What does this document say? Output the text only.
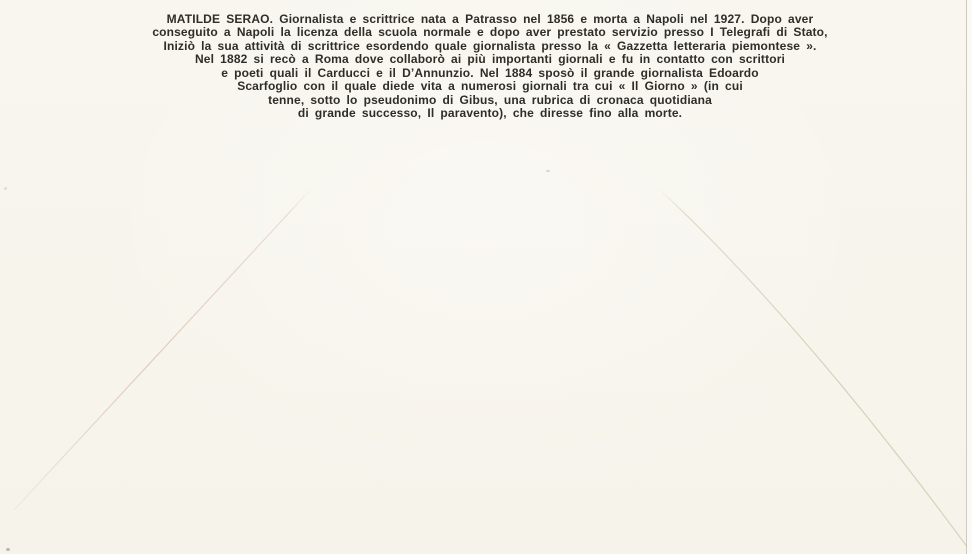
MATILDE SERAO. Giornalista e scrittrice nata a Patrasso nel 1856 e morta a Napoli nel 1927. Dopo aver
conseguito a Napoli la licenza della scuola normale e dopo aver prestato servizio presso I Telegrafi di Stato,
Iniziò la sua attività di scrittrice esordendo quale giornalista presso la « Gazzetta letteraria piemontese ».
Nel 1882 si recò a Roma dove collaborò ai più importanti giornali e fu in contatto con scrittori
e poeti quali il Carducci e il D’Annunzio. Nel 1884 sposò il grande giornalista Edoardo
Scarfoglio con il quale diede vita a numerosi giornali tra cui « Il Giorno » (in cui
tenne, sotto lo pseudonimo di Gibus, una rubrica di cronaca quotidiana
di grande successo, Il paravento), che diresse fino alla morte.
